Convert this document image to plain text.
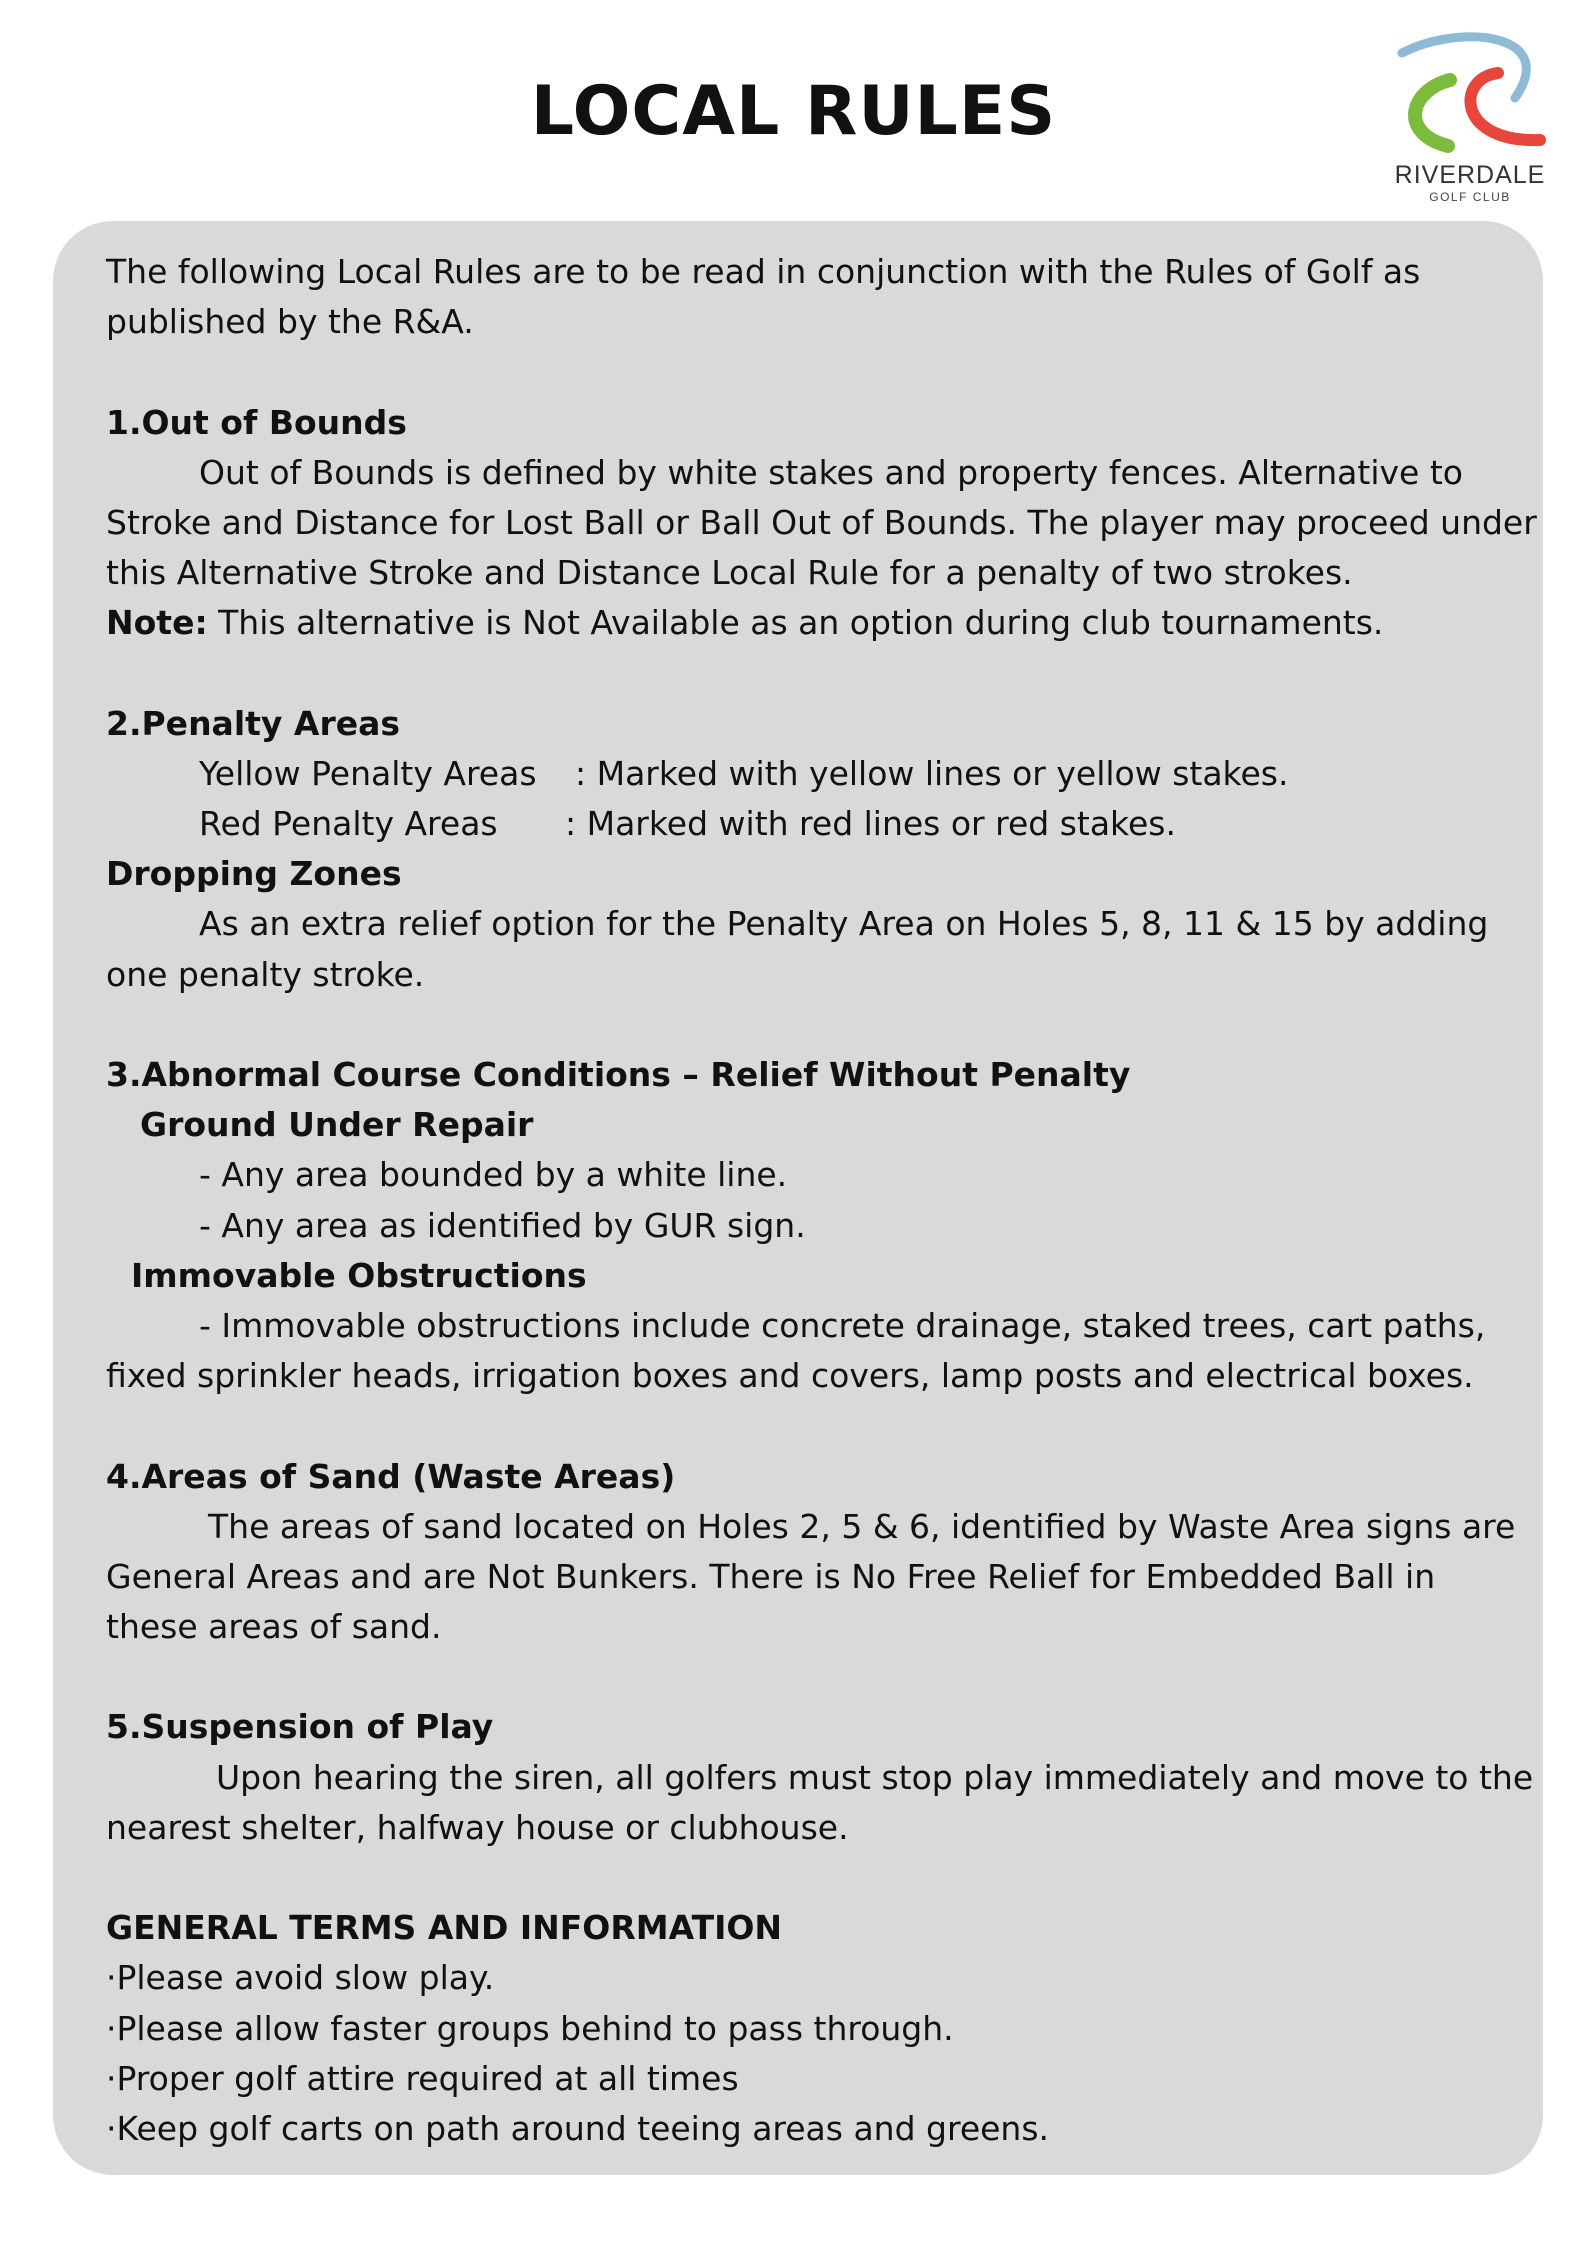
LOCAL RULES
RIVERDALE
GOLF CLUB
The following Local Rules are to be read in conjunction with the Rules of Golf as
published by the R&A.
1.Out of Bounds
Out of Bounds is defined by white stakes and property fences. Alternative to
Stroke and Distance for Lost Ball or Ball Out of Bounds. The player may proceed under
this Alternative Stroke and Distance Local Rule for a penalty of two strokes.
Note: This alternative is Not Available as an option during club tournaments.
2.Penalty Areas
Yellow Penalty Areas : Marked with yellow lines or yellow stakes.
Red Penalty Areas : Marked with red lines or red stakes.
Dropping Zones
As an extra relief option for the Penalty Area on Holes 5, 8, 11 & 15 by adding
one penalty stroke.
3.Abnormal Course Conditions – Relief Without Penalty
Ground Under Repair
- Any area bounded by a white line.
- Any area as identified by GUR sign.
Immovable Obstructions
- Immovable obstructions include concrete drainage, staked trees, cart paths,
fixed sprinkler heads, irrigation boxes and covers, lamp posts and electrical boxes.
4.Areas of Sand (Waste Areas)
The areas of sand located on Holes 2, 5 & 6, identified by Waste Area signs are
General Areas and are Not Bunkers. There is No Free Relief for Embedded Ball in
these areas of sand.
5.Suspension of Play
Upon hearing the siren, all golfers must stop play immediately and move to the
nearest shelter, halfway house or clubhouse.
GENERAL TERMS AND INFORMATION
·Please avoid slow play.
·Please allow faster groups behind to pass through.
·Proper golf attire required at all times
·Keep golf carts on path around teeing areas and greens.
